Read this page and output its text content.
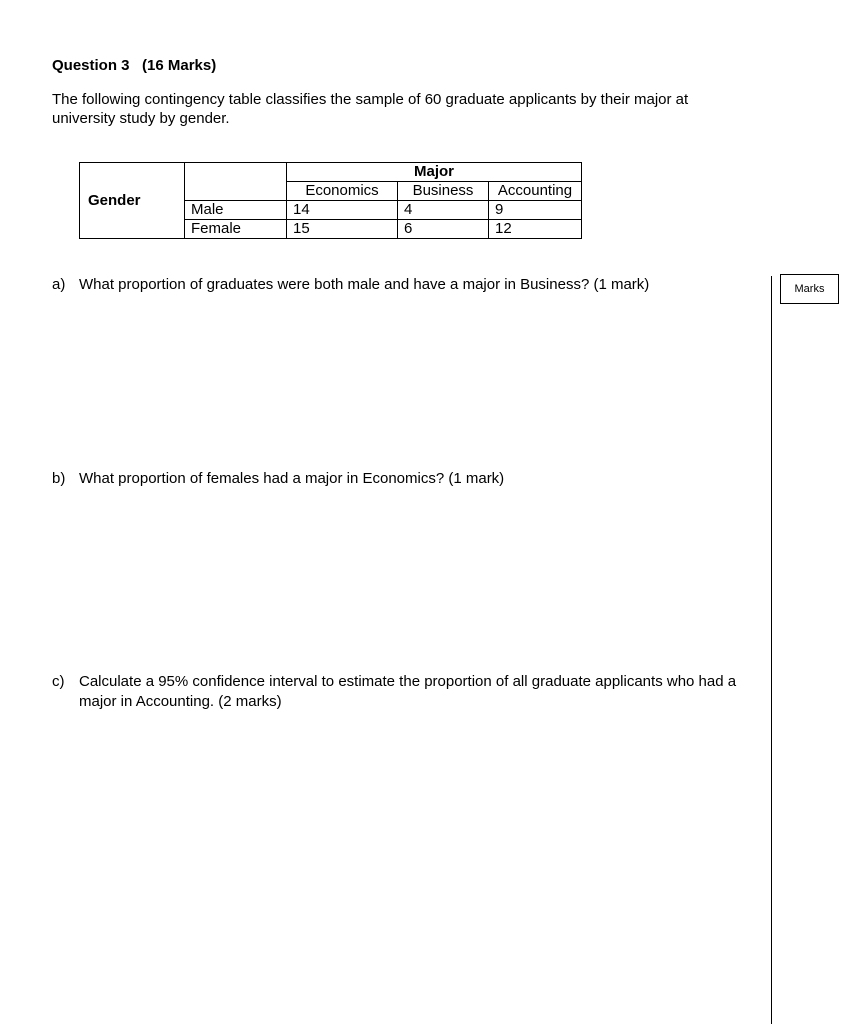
Question 3   (16 Marks)
The following contingency table classifies the sample of 60 graduate applicants by their major at university study by gender.
Gender		Major		
		Economics	Business	Accounting
	Male	14	4	9
	Female	15	6	12
a) What proportion of graduates were both male and have a major in Business? (1 mark)
b) What proportion of females had a major in Economics? (1 mark)
c) Calculate a 95% confidence interval to estimate the proportion of all graduate applicants who had a major in Accounting. (2 marks)
Marks
